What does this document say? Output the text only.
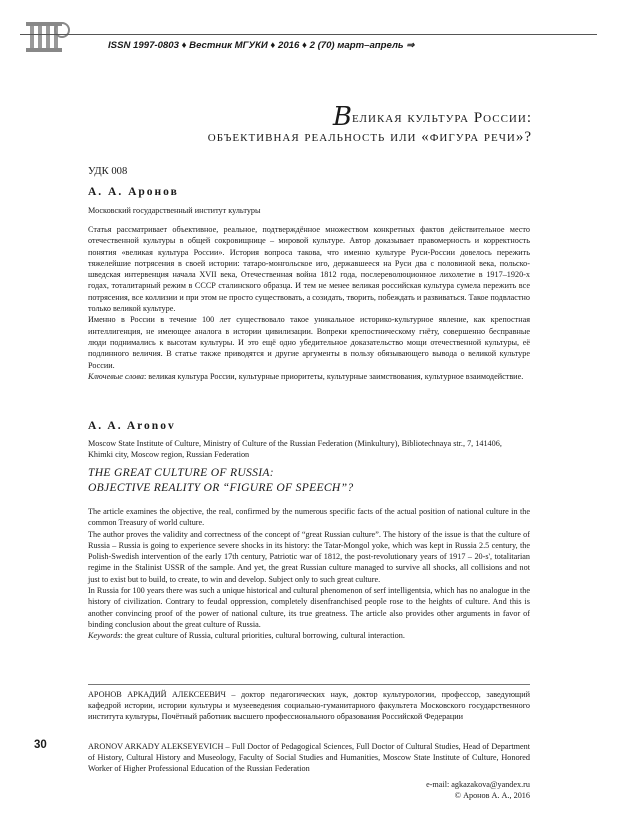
ISSN 1997-0803 ♦ Вестник МГУКИ ♦ 2016 ♦ 2 (70) март–апрель ⇒
Великая культура России:
объективная реальность или «фигура речи»?
УДК 008
А. А. Аронов
Московский государственный институт культуры

Статья рассматривает объективное, реальное, подтверждённое множеством конкретных фактов действительное место отечественной культуры в общей сокровищнице – мировой культуре. Автор доказывает правомерность и корректность понятия «великая культура России». История вопроса такова, что именно культуре Руси-России довелось пережить тяжелейшие потрясения в своей истории: татаро-монгольское иго, державшееся на Руси два с половиной века, польско-шведская интервенция начала XVII века, Отечественная война 1812 года, послереволюционное лихолетие в 1917–1920-х годах, тоталитарный режим в СССР сталинского образца. И тем не менее великая российская культура сумела пережить все потрясения, все коллизии и при этом не просто существовать, а созидать, творить, побеждать и развиваться. Такое подвластно только великой культуре.

Именно в России в течение 100 лет существовало такое уникальное историко-культурное явление, как крепостная интеллигенция, не имеющее аналога в истории цивилизации. Вопреки крепостническому гнёту, совершенно бесправные люди поднимались к высотам культуры. И это ещё одно убедительное доказательство мощи отечественной культуры, её подлинного величия. В статье также приводятся и другие аргументы в пользу обязывающего вывода о великой культуре России.

Ключевые слова: великая культура России, культурные приоритеты, культурные заимствования, культурное взаимодействие.

A. A. Aronov
Moscow State Institute of Culture, Ministry of Culture of the Russian Federation (Minkultury), Bibliotechnaya str., 7, 141406, Khimki city, Moscow region, Russian Federation
THE GREAT CULTURE OF RUSSIA:
OBJECTIVE REALITY OR “FIGURE OF SPEECH”?

The article examines the objective, the real, confirmed by the numerous specific facts of the actual position of national culture in the common Treasury of world culture.

The author proves the validity and correctness of the concept of “great Russian culture”. The history of the issue is that the culture of Russia – Russia is going to experience severe shocks in its history: the Tatar-Mongol yoke, which was kept in Russia 2.5 century, the Polish-Swedish intervention of the early 17th century, Patriotic war of 1812, the post-revolutionary years of 1917 – 20-s', totalitarian regime in the Stalinist USSR of the sample. And yet, the great Russian culture managed to survive all shocks, all collisions and not just to exist but to build, to create, to win and develop. Subject only to such great culture.

In Russia for 100 years there was such a unique historical and cultural phenomenon of serf intelligentsia, which has no analogue in the history of civilization. Contrary to feudal oppression, completely disenfranchised people rose to the heights of culture. And this is another convincing proof of the power of national culture, its true greatness. The article also provides other arguments in favor of binding conclusion about the great culture of Russia.

Keywords: the great culture of Russia, cultural priorities, cultural borrowing, cultural interaction.

АРОНОВ АРКАДИЙ АЛЕКСЕЕВИЧ – доктор педагогических наук, доктор культурологии, профессор, заведующий кафедрой истории, истории культуры и музееведения социально-гуманитарного факультета Московского государственного института культуры, Почётный работник высшего профессионального образования Российской Федерации
30	ARONOV ARKADY ALEKSEYEVICH – Full Doctor of Pedagogical Sciences, Full Doctor of Cultural Studies, Head of Department of History, Cultural History and Museology, Faculty of Social Studies and Humanities, Moscow State Institute of Culture, Honored Worker of Higher Professional Education of the Russian Federation
e-mail: agkazakova@yandex.ru
© Аронов А. А., 2016
